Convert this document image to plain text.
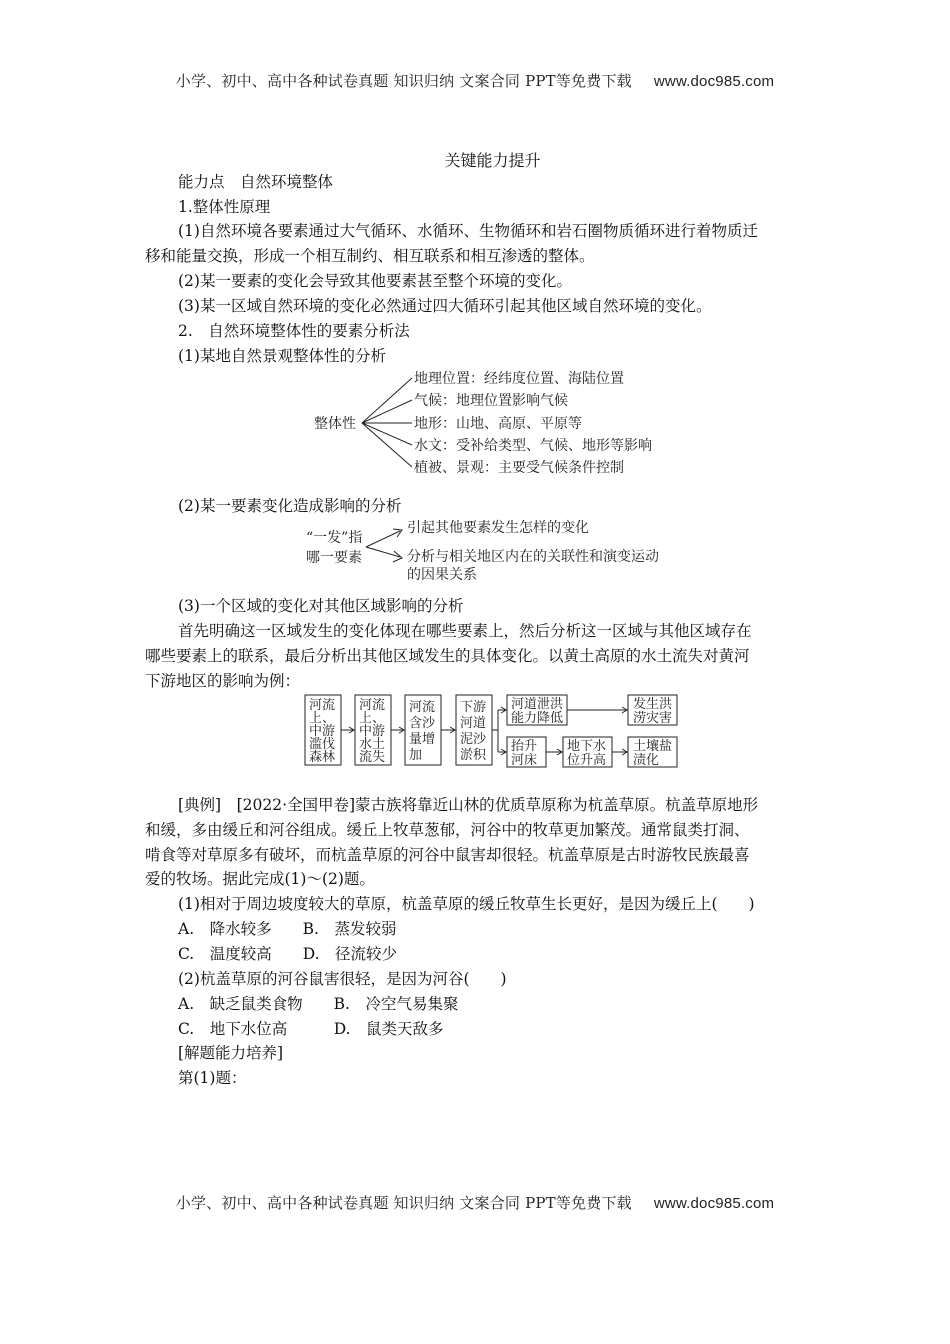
小学、初中、高中各种试卷真题 知识归纳 文案合同 PPT等免费下载 www.doc985.com
关键能力提升
能力点　自然环境整体
1.整体性原理
(1)自然环境各要素通过大气循环、水循环、生物循环和岩石圈物质循环进行着物质迁
移和能量交换，形成一个相互制约、相互联系和相互渗透的整体。
(2)某一要素的变化会导致其他要素甚至整个环境的变化。
(3)某一区域自然环境的变化必然通过四大循环引起其他区域自然环境的变化。
2.　自然环境整体性的要素分析法
(1)某地自然景观整体性的分析
整体性
地理位置：经纬度位置、海陆位置
气候：地理位置影响气候
地形：山地、高原、平原等
水文：受补给类型、气候、地形等影响
植被、景观：主要受气候条件控制
(2)某一要素变化造成影响的分析
“一发”指
哪一要素
引起其他要素发生怎样的变化
分析与相关地区内在的关联性和演变运动
的因果关系
(3)一个区域的变化对其他区域影响的分析
首先明确这一区域发生的变化体现在哪些要素上，然后分析这一区域与其他区域存在
哪些要素上的联系，最后分析出其他区域发生的具体变化。以黄土高原的水土流失对黄河
下游地区的影响为例：
河流
上、
中游
滥伐
森林
河流
上、
中游
水土
流失
河流
含沙
量增
加
下游
河道
泥沙
淤积
河道泄洪
能力降低
发生洪
涝灾害
抬升
河床
地下水
位升高
土壤盐
渍化
[典例]　[2022·全国甲卷]蒙古族将靠近山林的优质草原称为杭盖草原。杭盖草原地形
和缓，多由缓丘和河谷组成。缓丘上牧草葱郁，河谷中的牧草更加繁茂。通常鼠类打洞、
啃食等对草原多有破坏，而杭盖草原的河谷中鼠害却很轻。杭盖草原是古时游牧民族最喜
爱的牧场。据此完成(1)～(2)题。
(1)相对于周边坡度较大的草原，杭盖草原的缓丘牧草生长更好，是因为缓丘上(　　)
A.　降水较多　　B.　蒸发较弱
C.　温度较高　　D.　径流较少
(2)杭盖草原的河谷鼠害很轻，是因为河谷(　　)
A.　缺乏鼠类食物　　B.　冷空气易集聚
C.　地下水位高　　　D.　鼠类天敌多
[解题能力培养]
第(1)题：
小学、初中、高中各种试卷真题 知识归纳 文案合同 PPT等免费下载 www.doc985.com
